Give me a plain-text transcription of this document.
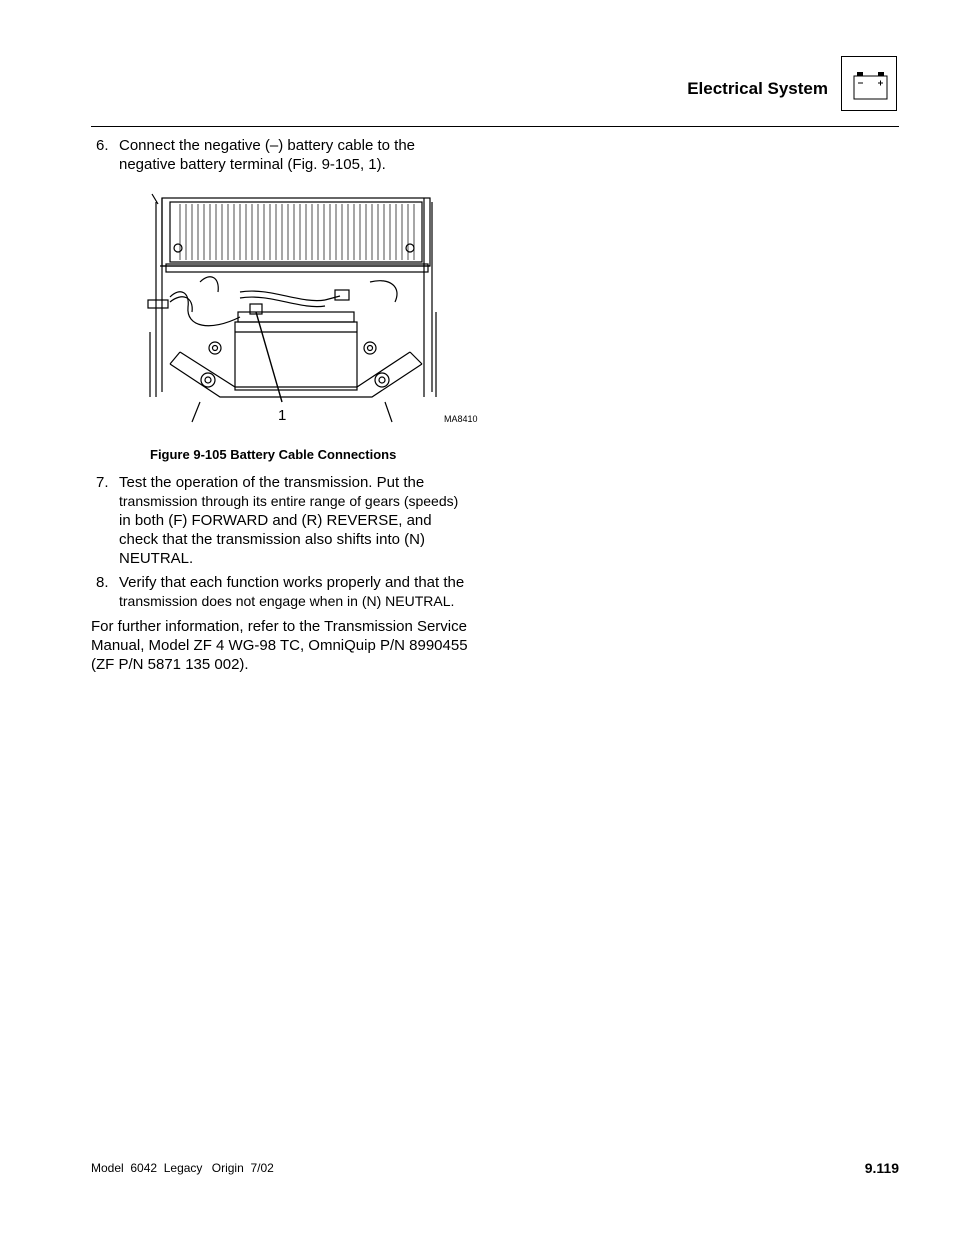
Electrical System
6. Connect the negative (–) battery cable to the
negative battery terminal (Fig. 9-105, 1).
1	MA8410
Figure 9-105 Battery Cable Connections
7. Test the operation of the transmission. Put the
transmission through its entire range of gears (speeds)
in both (F) FORWARD and (R) REVERSE, and
check that the transmission also shifts into (N)
NEUTRAL.
8. Verify that each function works properly and that the
transmission does not engage when in (N) NEUTRAL.
For further information, refer to the Transmission Service
Manual, Model ZF 4 WG-98 TC, OmniQuip P/N 8990455
(ZF P/N 5871 135 002).
Model  6042  Legacy Origin  7/02	9.119
